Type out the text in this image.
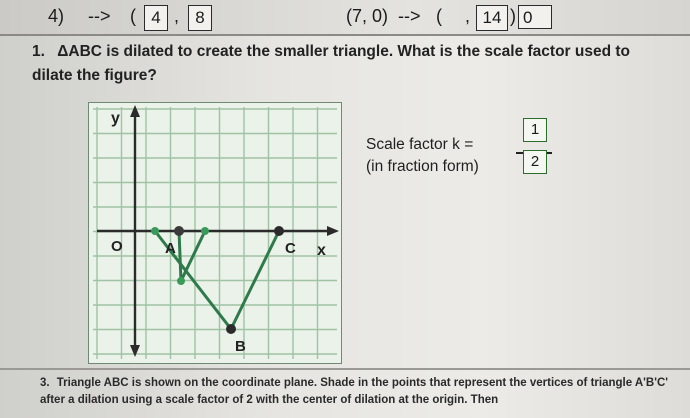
4) --> ( 4 , 8	(7, 0) --> ( , 14 ) 0
1. ΔABC is dilated to create the smaller triangle. What is the scale factor used to dilate the figure?
y
x
O	A	C
B
Scale factor k =
(in fraction form)
1
2
3. Triangle ABC is shown on the coordinate plane. Shade in the points that represent the vertices of triangle A'B'C' after a dilation using a scale factor of 2 with the center of dilation at the origin. Then
